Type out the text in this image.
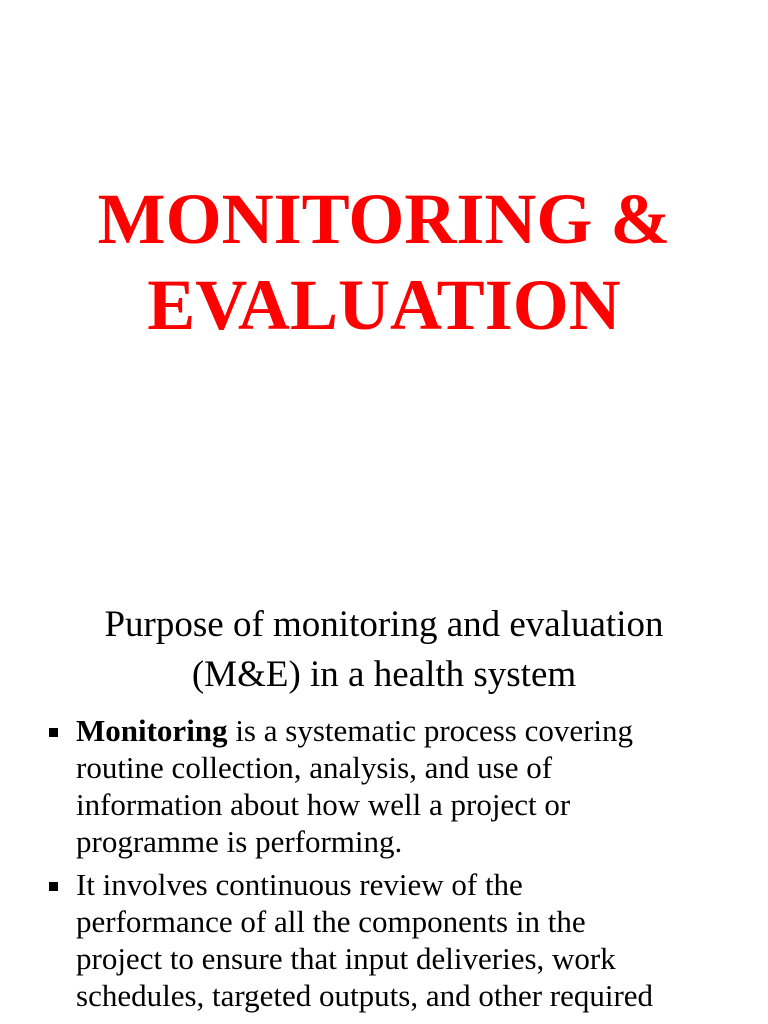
MONITORING &
EVALUATION
Purpose of monitoring and evaluation
(M&E) in a health system
Monitoring is a systematic process covering
routine collection, analysis, and use of
information about how well a project or
programme is performing.
It involves continuous review of the
performance of all the components in the
project to ensure that input deliveries, work
schedules, targeted outputs, and other required
